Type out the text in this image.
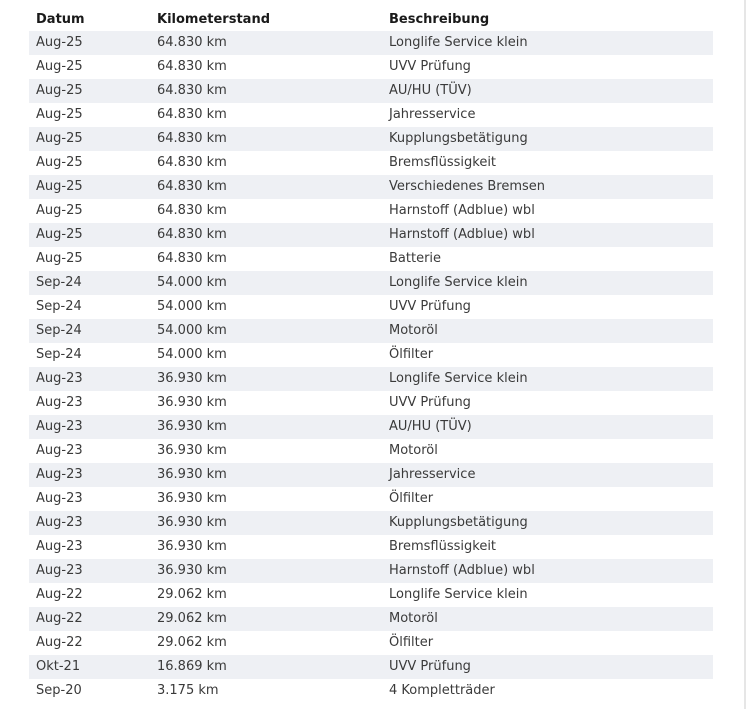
Datum	Kilometerstand	Beschreibung
Aug-25	64.830 km	Longlife Service klein
Aug-25	64.830 km	UVV Prüfung
Aug-25	64.830 km	AU/HU (TÜV)
Aug-25	64.830 km	Jahresservice
Aug-25	64.830 km	Kupplungsbetätigung
Aug-25	64.830 km	Bremsflüssigkeit
Aug-25	64.830 km	Verschiedenes Bremsen
Aug-25	64.830 km	Harnstoff (Adblue) wbl
Aug-25	64.830 km	Harnstoff (Adblue) wbl
Aug-25	64.830 km	Batterie
Sep-24	54.000 km	Longlife Service klein
Sep-24	54.000 km	UVV Prüfung
Sep-24	54.000 km	Motoröl
Sep-24	54.000 km	Ölfilter
Aug-23	36.930 km	Longlife Service klein
Aug-23	36.930 km	UVV Prüfung
Aug-23	36.930 km	AU/HU (TÜV)
Aug-23	36.930 km	Motoröl
Aug-23	36.930 km	Jahresservice
Aug-23	36.930 km	Ölfilter
Aug-23	36.930 km	Kupplungsbetätigung
Aug-23	36.930 km	Bremsflüssigkeit
Aug-23	36.930 km	Harnstoff (Adblue) wbl
Aug-22	29.062 km	Longlife Service klein
Aug-22	29.062 km	Motoröl
Aug-22	29.062 km	Ölfilter
Okt-21	16.869 km	UVV Prüfung
Sep-20	3.175 km	4 Kompletträder
